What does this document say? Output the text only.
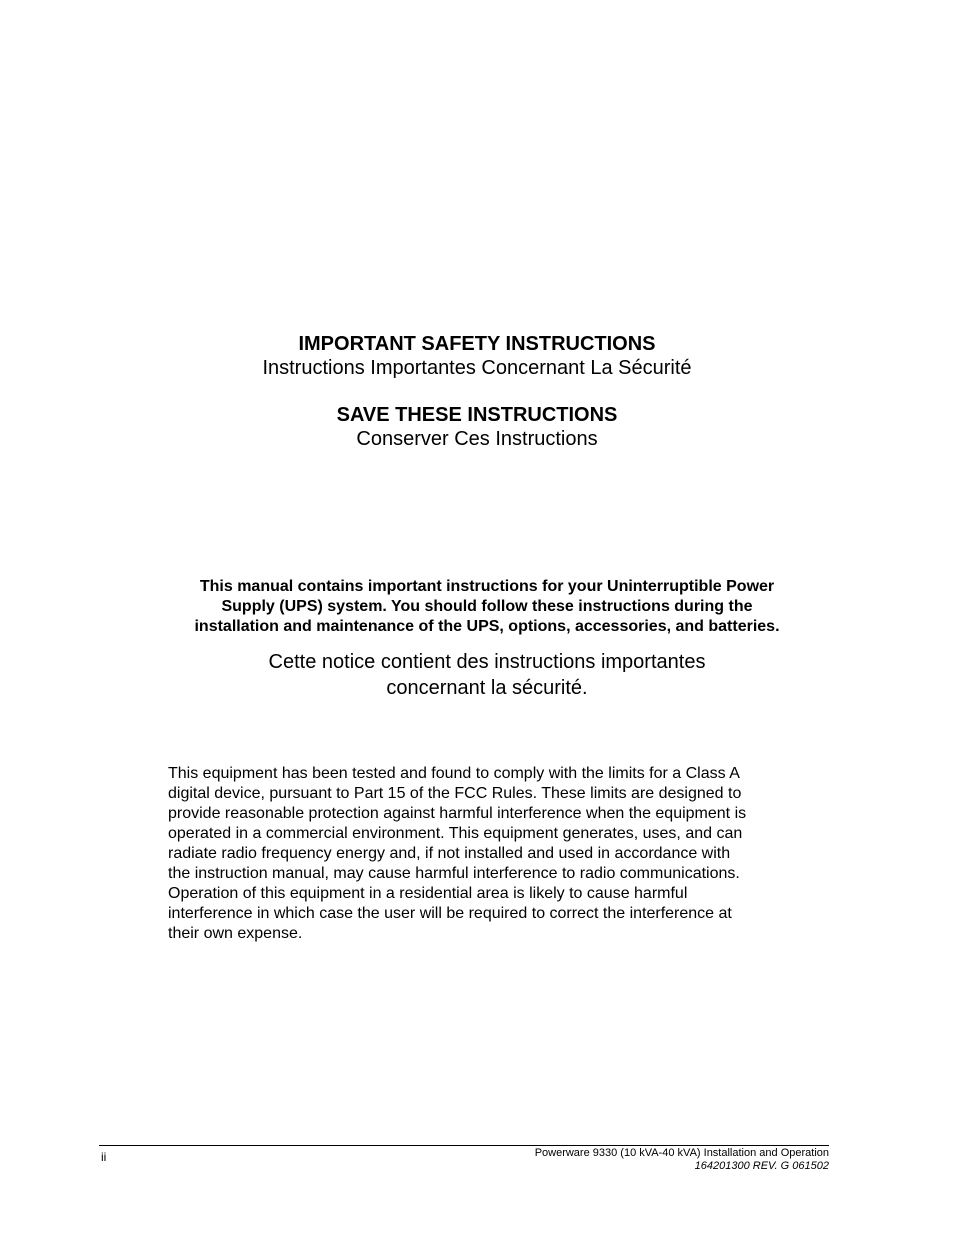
IMPORTANT SAFETY INSTRUCTIONS
Instructions Importantes Concernant La Sécurité
SAVE THESE INSTRUCTIONS
Conserver Ces Instructions
This manual contains important instructions for your Uninterruptible Power
Supply (UPS) system. You should follow these instructions during the
installation and maintenance of the UPS, options, accessories, and batteries.
Cette notice contient des instructions importantes
concernant la sécurité.
This equipment has been tested and found to comply with the limits for a Class A
digital device, pursuant to Part 15 of the FCC Rules. These limits are designed to
provide reasonable protection against harmful interference when the equipment is
operated in a commercial environment. This equipment generates, uses, and can
radiate radio frequency energy and, if not installed and used in accordance with
the instruction manual, may cause harmful interference to radio communications.
Operation of this equipment in a residential area is likely to cause harmful
interference in which case the user will be required to correct the interference at
their own expense.
ii	Powerware 9330 (10 kVA-40 kVA) Installation and Operation
164201300 REV. G 061502
